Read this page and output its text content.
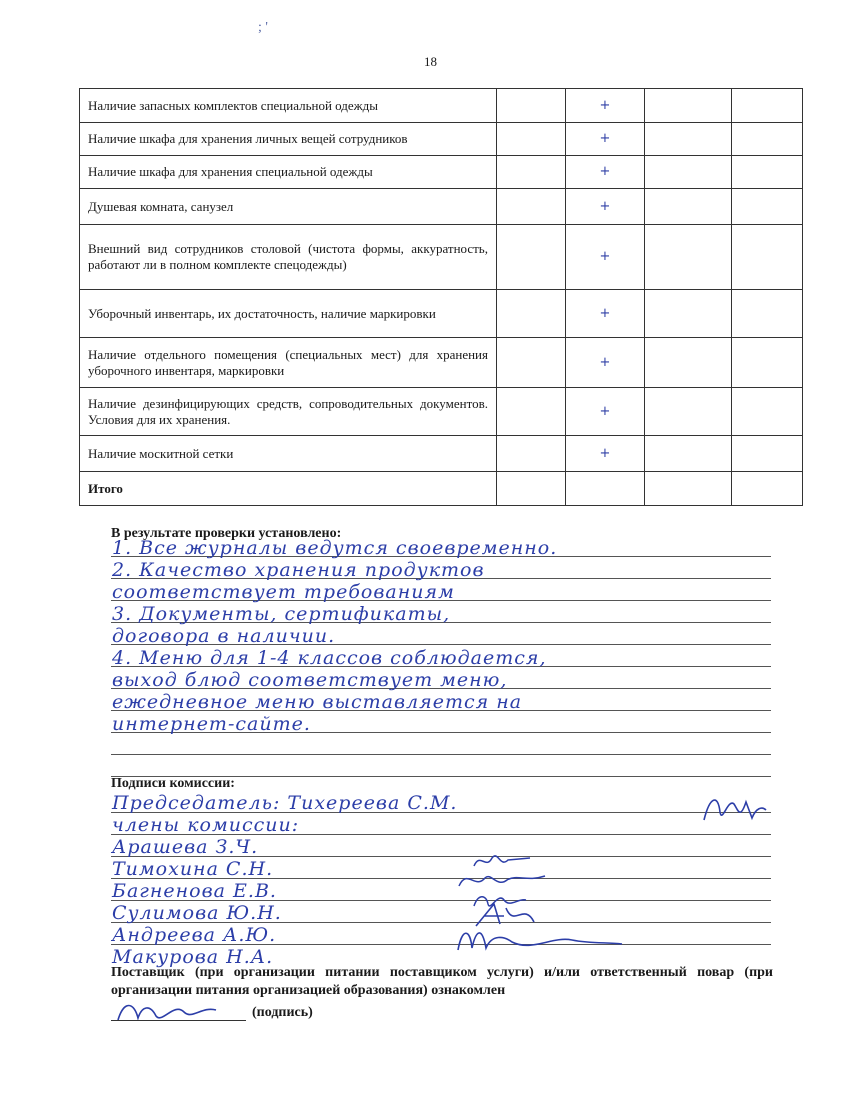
; '
18
Наличие запасных комплектов специальной одежды		+		
Наличие шкафа для хранения личных вещей сотрудников		+		
Наличие шкафа для хранения специальной одежды		+		
Душевая комната, санузел		+		
Внешний вид сотрудников столовой (чистота формы, аккуратность, работают ли в полном комплекте спецодежды)		+		
Уборочный инвентарь, их достаточность, наличие маркировки		+		
Наличие отдельного помещения (специальных мест) для хранения уборочного инвентаря, маркировки		+		
Наличие дезинфицирующих средств, сопроводительных документов. Условия для их хранения.		+		
Наличие москитной сетки		+		
Итого				
В результате проверки установлено:
1. Все журналы ведутся своевременно.
2. Качество хранения продуктов
соответствует требованиям
3. Документы, сертификаты,
договора в наличии.
4. Меню для 1-4 классов соблюдается,
выход блюд соответствует меню,
ежедневное меню выставляется на
интернет-сайте.
Подписи комиссии:
Председатель: Тихереева С.М.
члены комиссии:
Арашева З.Ч.
Тимохина С.Н.
Багненова Е.В.
Сулимова Ю.Н.
Андреева А.Ю.
Макурова Н.А.
Поставщик (при организации питании поставщиком услуги) и/или ответственный повар (при организации питания организацией образования) ознакомлен
(подпись)
